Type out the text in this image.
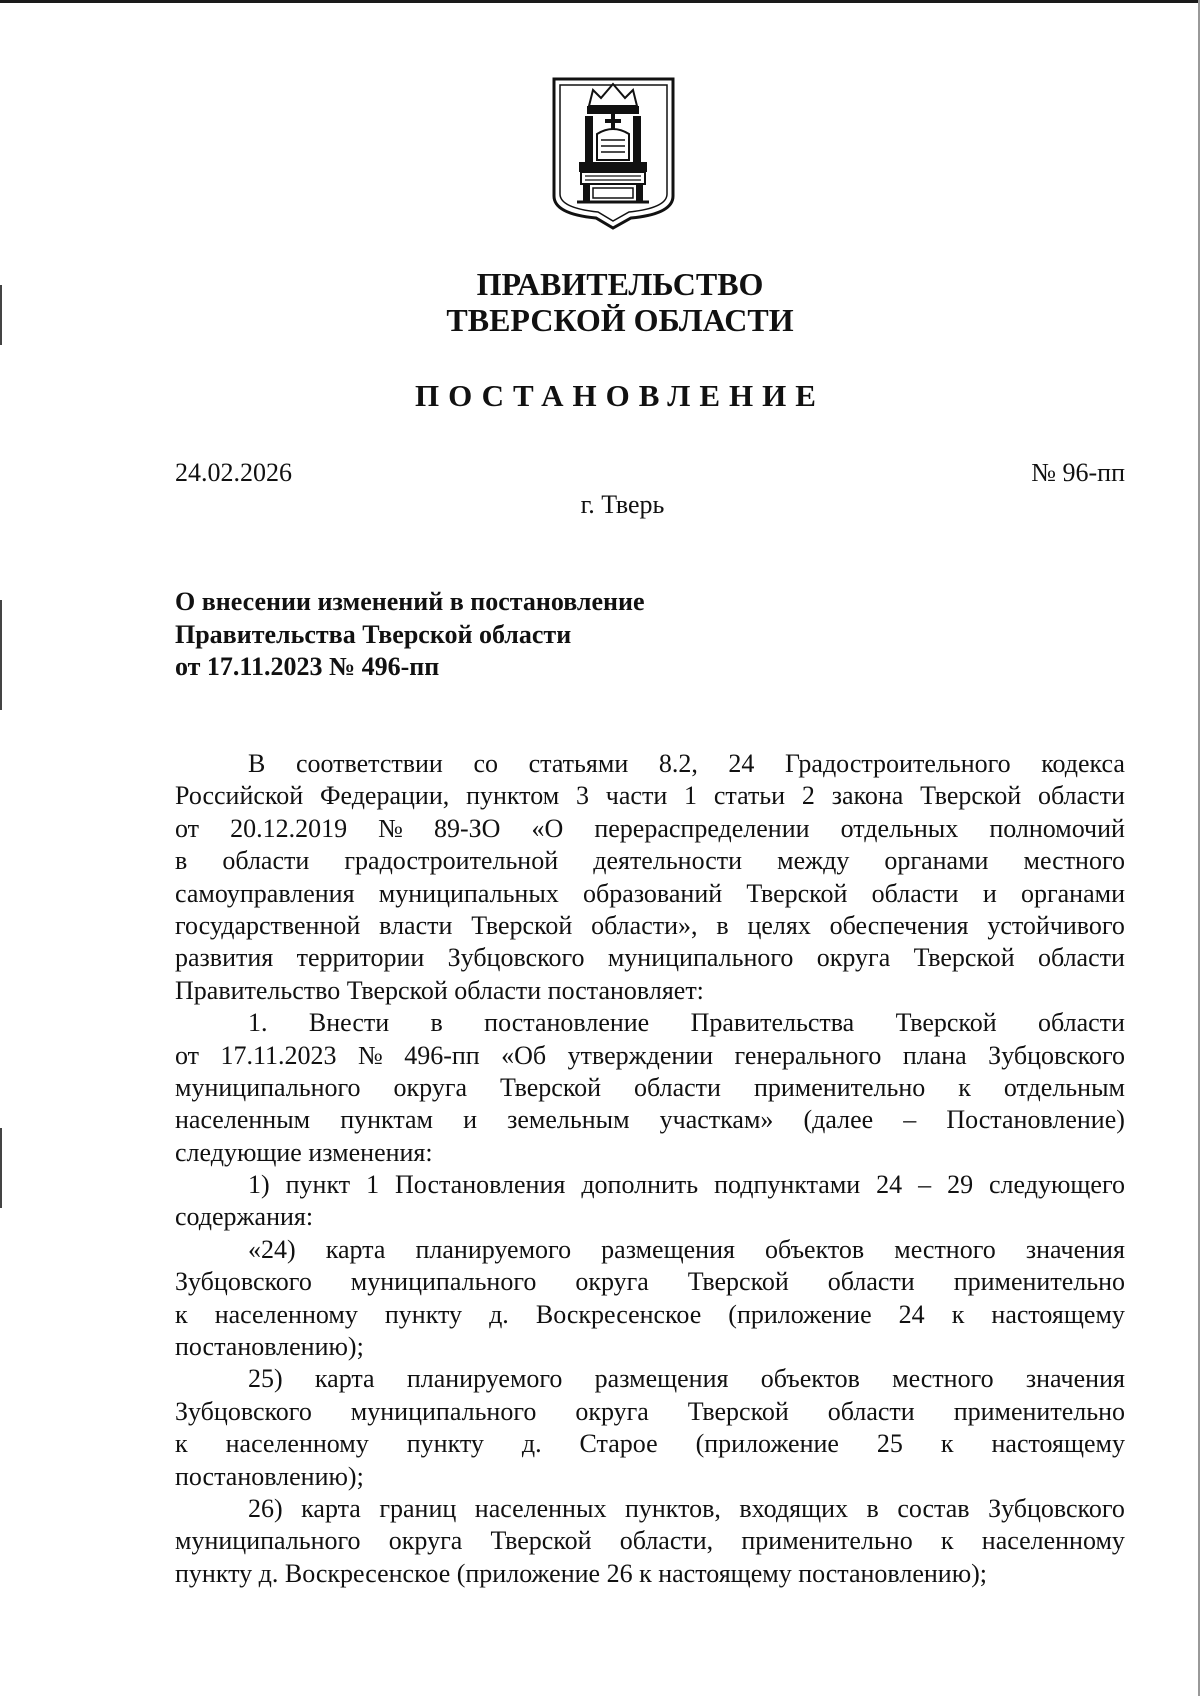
ПРАВИТЕЛЬСТВО
ТВЕРСКОЙ ОБЛАСТИ
ПОСТАНОВЛЕНИЕ
24.02.2026	№ 96-пп
г. Тверь
О внесении изменений в постановление
Правительства Тверской области
от 17.11.2023 № 496-пп
В соответствии со статьями 8.2, 24 Градостроительного кодекса
Российской Федерации, пунктом 3 части 1 статьи 2 закона Тверской области
от 20.12.2019 № 89-ЗО «О перераспределении отдельных полномочий
в области градостроительной деятельности между органами местного
самоуправления муниципальных образований Тверской области и органами
государственной власти Тверской области», в целях обеспечения устойчивого
развития территории Зубцовского муниципального округа Тверской области
Правительство Тверской области постановляет:
1. Внести в постановление Правительства Тверской области
от 17.11.2023 № 496-пп «Об утверждении генерального плана Зубцовского
муниципального округа Тверской области применительно к отдельным
населенным пунктам и земельным участкам» (далее – Постановление)
следующие изменения:
1) пункт 1 Постановления дополнить подпунктами 24 – 29 следующего
содержания:
«24) карта планируемого размещения объектов местного значения
Зубцовского муниципального округа Тверской области применительно
к населенному пункту д. Воскресенское (приложение 24 к настоящему
постановлению);
25) карта планируемого размещения объектов местного значения
Зубцовского муниципального округа Тверской области применительно
к населенному пункту д. Старое (приложение 25 к настоящему
постановлению);
26) карта границ населенных пунктов, входящих в состав Зубцовского
муниципального округа Тверской области, применительно к населенному
пункту д. Воскресенское (приложение 26 к настоящему постановлению);
